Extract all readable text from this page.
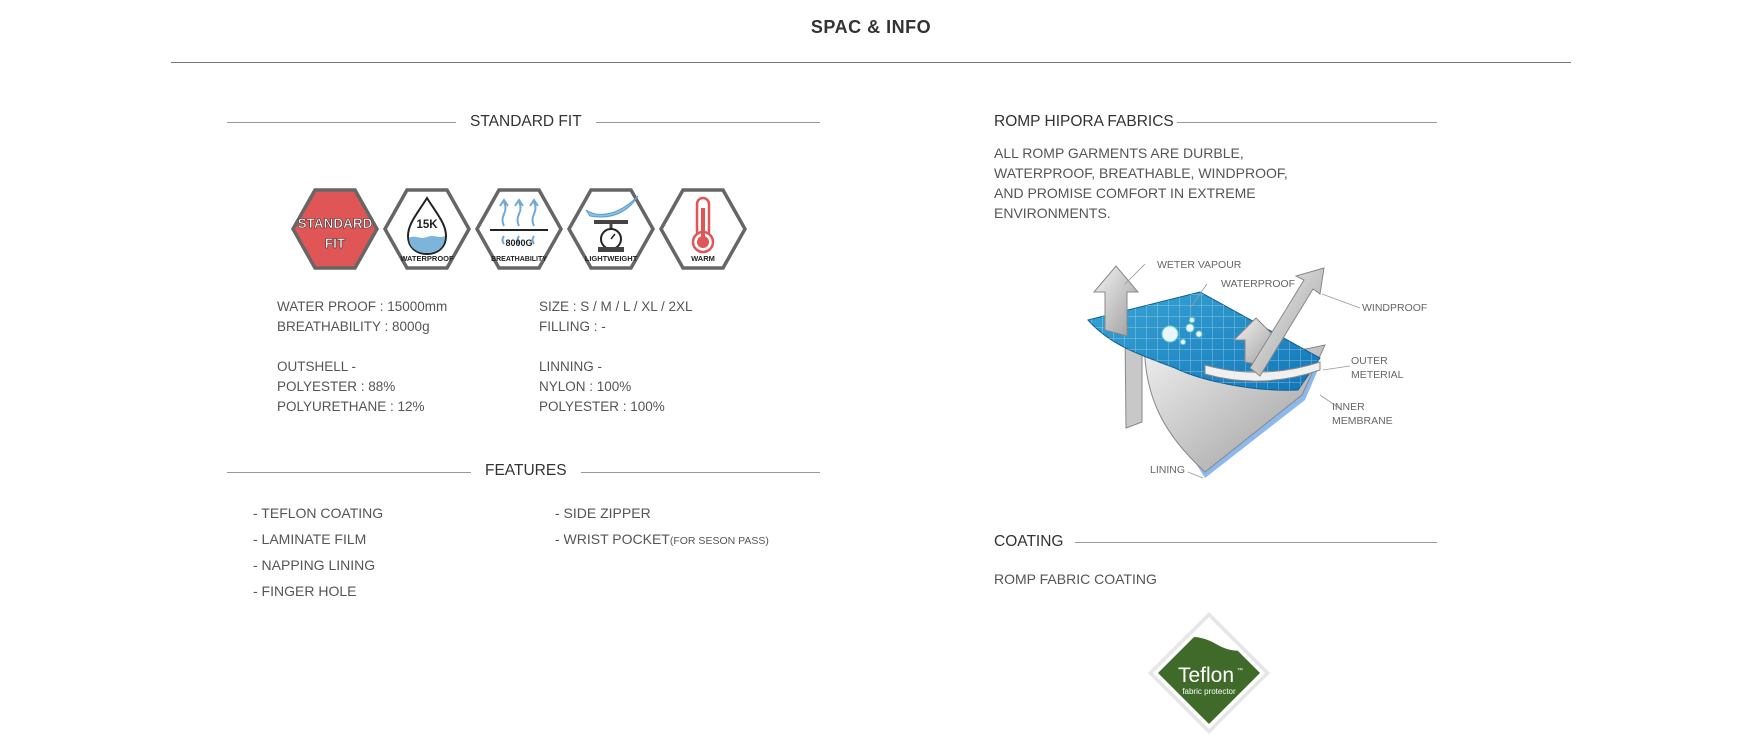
SPAC & INFO
STANDARD FIT
STANDARD
FIT
15K
WATERPROOF
8000G
BREATHABILITY	LIGHTWEIGHT	WARM
WATER PROOF : 15000mm
BREATHABILITY : 8000g
OUTSHELL -
POLYESTER : 88%
POLYURETHANE : 12%
SIZE : S / M / L / XL / 2XL
FILLING : -
LINNING -
NYLON : 100%
POLYESTER : 100%
FEATURES
- TEFLON COATING
- LAMINATE FILM
- NAPPING LINING
- FINGER HOLE
- SIDE ZIPPER
- WRIST POCKET(FOR SESON PASS)
ROMP HIPORA FABRICS
ALL ROMP GARMENTS ARE DURBLE,
WATERPROOF, BREATHABLE, WINDPROOF,
AND PROMISE COMFORT IN EXTREME
ENVIRONMENTS.
WETER VAPOUR
WATERPROOF
WINDPROOF
OUTER
METERIAL
INNER
MEMBRANE
LINING
COATING
ROMP FABRIC COATING
Teflon ™
fabric protector
